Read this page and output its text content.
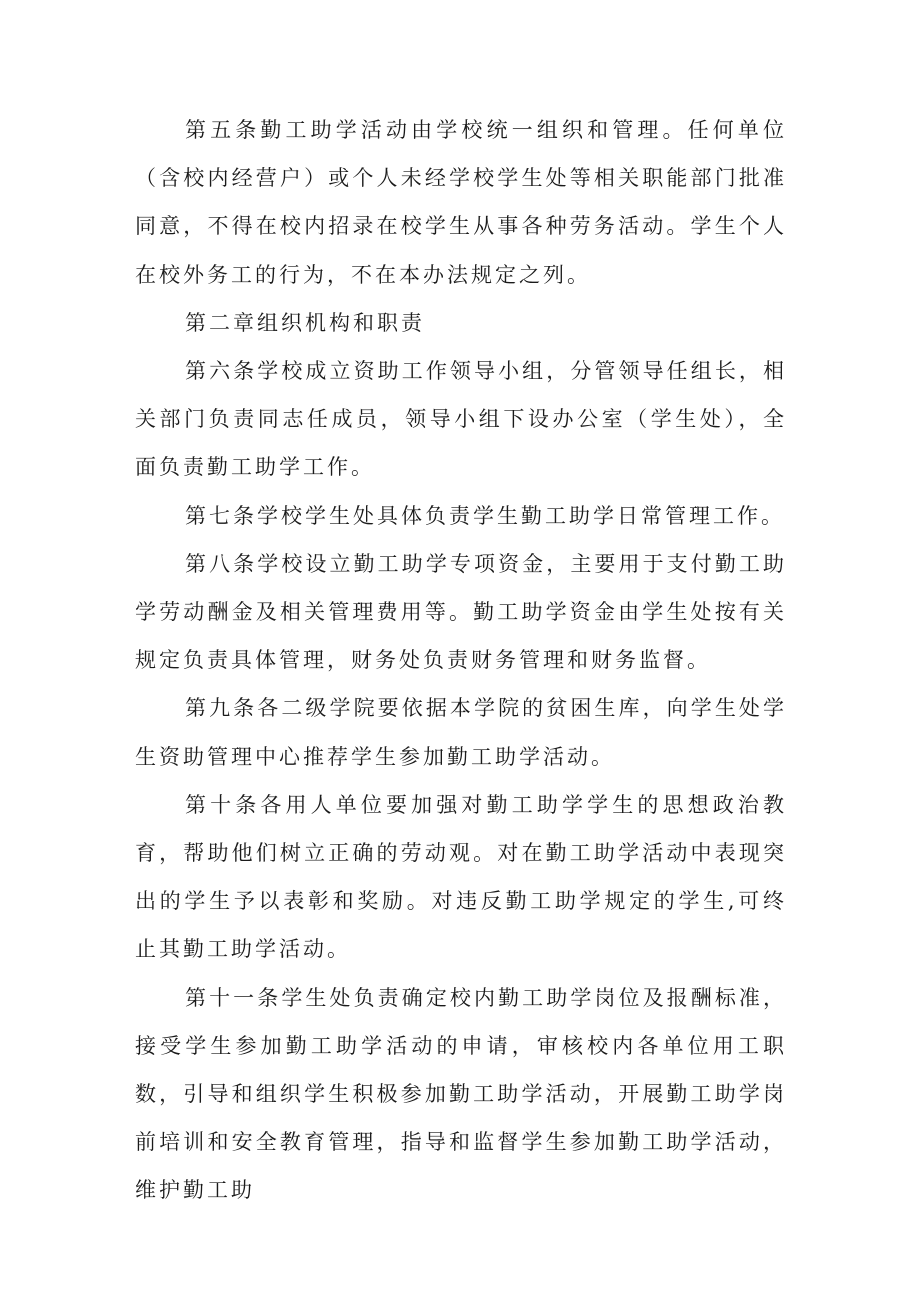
第五条勤工助学活动由学校统一组织和管理。任何单位（含校内经营户）或个人未经学校学生处等相关职能部门批准同意，不得在校内招录在校学生从事各种劳务活动。学生个人在校外务工的行为，不在本办法规定之列。

第二章组织机构和职责

第六条学校成立资助工作领导小组，分管领导任组长，相关部门负责同志任成员，领导小组下设办公室（学生处），全面负责勤工助学工作。

第七条学校学生处具体负责学生勤工助学日常管理工作。

第八条学校设立勤工助学专项资金，主要用于支付勤工助学劳动酬金及相关管理费用等。勤工助学资金由学生处按有关规定负责具体管理，财务处负责财务管理和财务监督。

第九条各二级学院要依据本学院的贫困生库，向学生处学生资助管理中心推荐学生参加勤工助学活动。

第十条各用人单位要加强对勤工助学学生的思想政治教育，帮助他们树立正确的劳动观。对在勤工助学活动中表现突出的学生予以表彰和奖励。对违反勤工助学规定的学生,可终止其勤工助学活动。

第十一条学生处负责确定校内勤工助学岗位及报酬标准，接受学生参加勤工助学活动的申请，审核校内各单位用工职数，引导和组织学生积极参加勤工助学活动，开展勤工助学岗前培训和安全教育管理，指导和监督学生参加勤工助学活动，维护勤工助
